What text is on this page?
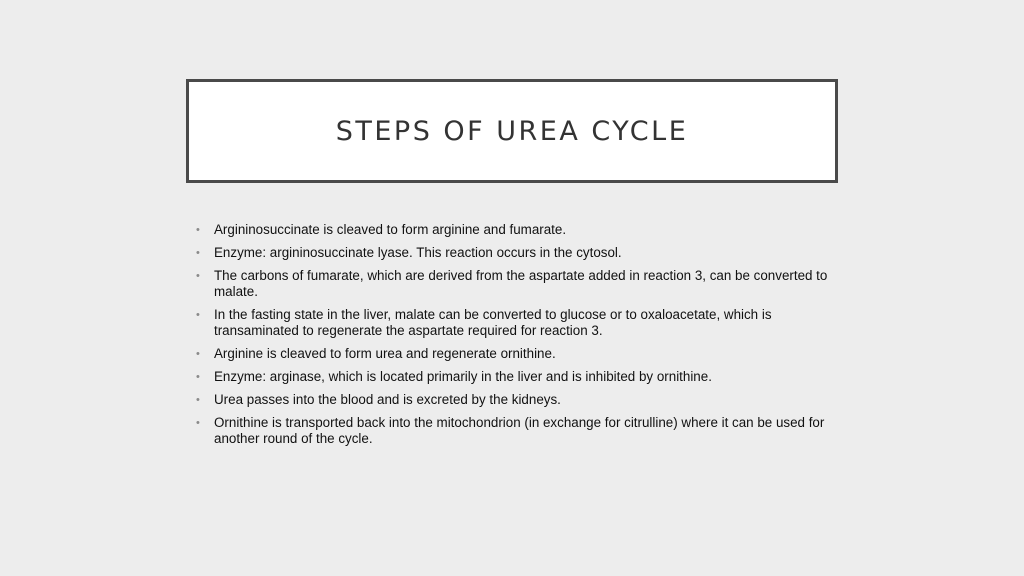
STEPS OF UREA CYCLE
• Argininosuccinate is cleaved to form arginine and fumarate.
• Enzyme: argininosuccinate lyase. This reaction occurs in the cytosol.
• The carbons of fumarate, which are derived from the aspartate added in reaction 3, can be converted to malate.
• In the fasting state in the liver, malate can be converted to glucose or to oxaloacetate, which is transaminated to regenerate the aspartate required for reaction 3.
• Arginine is cleaved to form urea and regenerate ornithine.
• Enzyme: arginase, which is located primarily in the liver and is inhibited by ornithine.
• Urea passes into the blood and is excreted by the kidneys.
• Ornithine is transported back into the mitochondrion (in exchange for citrulline) where it can be used for another round of the cycle.
